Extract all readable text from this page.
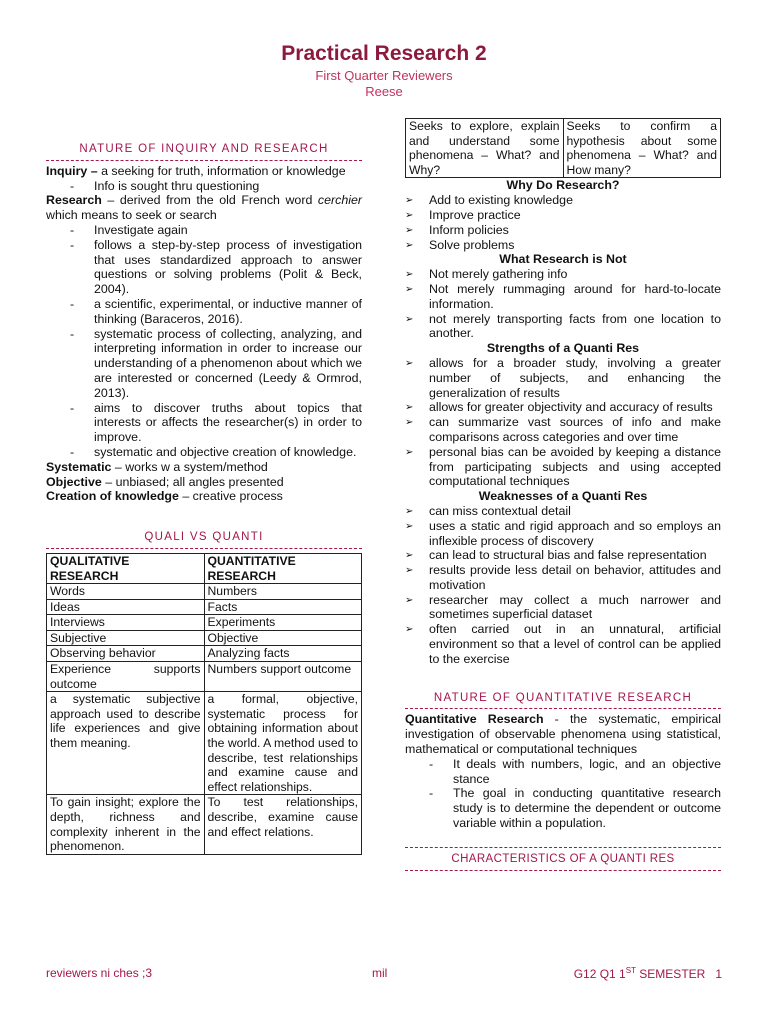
Practical Research 2
First Quarter Reviewers
Reese
NATURE OF INQUIRY AND RESEARCH

Inquiry – a seeking for truth, information or knowledge

- Info is sought thru questioning

Research – derived from the old French word cerchier which means to seek or search

- Investigate again
- follows a step-by-step process of investigation that uses standardized approach to answer questions or solving problems (Polit & Beck, 2004).
- a scientific, experimental, or inductive manner of thinking (Baraceros, 2016).
- systematic process of collecting, analyzing, and interpreting information in order to increase our understanding of a phenomenon about which we are interested or concerned (Leedy & Ormrod, 2013).
- aims to discover truths about topics that interests or affects the researcher(s) in order to improve.
- systematic and objective creation of knowledge.

Systematic – works w a system/method

Objective – unbiased; all angles presented

Creation of knowledge – creative process

QUALI VS QUANTI
QUALITATIVE RESEARCH	QUANTITATIVE RESEARCH
Words	Numbers
Ideas	Facts
Interviews	Experiments
Subjective	Objective
Observing behavior	Analyzing facts
Experience supports outcome	Numbers support outcome
a systematic subjective approach used to describe life experiences and give them meaning.	a formal, objective, systematic process for obtaining information about the world. A method used to describe, test relationships and examine cause and effect relationships.
To gain insight; explore the depth, richness and complexity inherent in the phenomenon.	To test relationships, describe, examine cause and effect relations.
Seeks to explore, explain and understand some phenomena – What? and Why?	Seeks to confirm a hypothesis about some phenomena – What? and How many?
Why Do Research?
➢ Add to existing knowledge
➢ Improve practice
➢ Inform policies
➢ Solve problems
What Research is Not
➢ Not merely gathering info
➢ Not merely rummaging around for hard-to-locate information.
➢ not merely transporting facts from one location to another.
Strengths of a Quanti Res
➢ allows for a broader study, involving a greater number of subjects, and enhancing the generalization of results
➢ allows for greater objectivity and accuracy of results
➢ can summarize vast sources of info and make comparisons across categories and over time
➢ personal bias can be avoided by keeping a distance from participating subjects and using accepted computational techniques
Weaknesses of a Quanti Res
➢ can miss contextual detail
➢ uses a static and rigid approach and so employs an inflexible process of discovery
➢ can lead to structural bias and false representation
➢ results provide less detail on behavior, attitudes and motivation
➢ researcher may collect a much narrower and sometimes superficial dataset
➢ often carried out in an unnatural, artificial environment so that a level of control can be applied to the exercise
NATURE OF QUANTITATIVE RESEARCH

Quantitative Research - the systematic, empirical investigation of observable phenomena using statistical, mathematical or computational techniques

- It deals with numbers, logic, and an objective stance
- The goal in conducting quantitative research study is to determine the dependent or outcome variable within a population.
CHARACTERISTICS OF A QUANTI RES
reviewers ni ches ;3	mil	G12 Q1 1ST SEMESTER   1
